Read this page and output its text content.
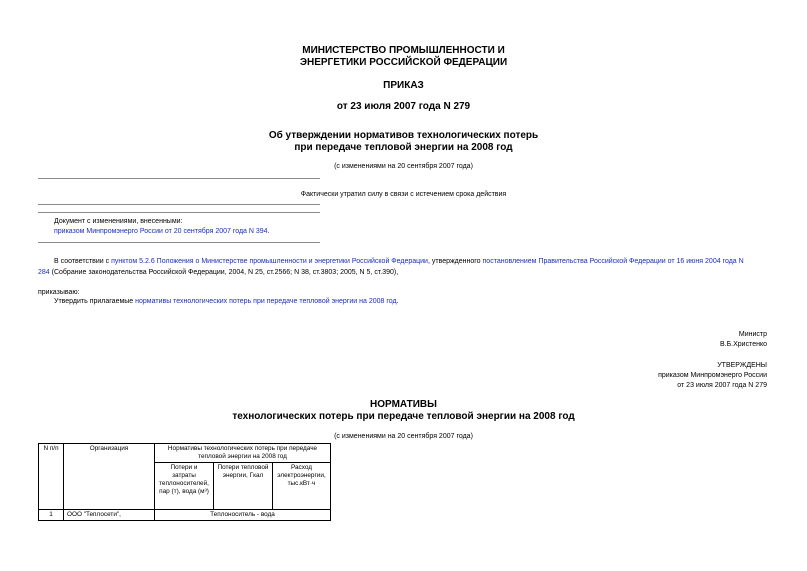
МИНИСТЕРСТВО ПРОМЫШЛЕННОСТИ И
ЭНЕРГЕТИКИ РОССИЙСКОЙ ФЕДЕРАЦИИ
ПРИКАЗ
от 23 июля 2007 года N 279
Об утверждении нормативов технологических потерь
при передаче тепловой энергии на 2008 год
(с изменениями на 20 сентября 2007 года)
Фактически утратил силу в связи с истечением срока действия
Документ с изменениями, внесенными:
приказом Минпромэнерго России от 20 сентября 2007 года N 394.
В соответствии с пунктом 5.2.6 Положения о Министерстве промышленности и энергетики Российской Федерации, утвержденного постановлением Правительства Российской Федерации от 16 июня 2004 года N
284 (Собрание законодательства Российской Федерации, 2004, N 25, ст.2566; N 38, ст.3803; 2005, N 5, ст.390),
приказываю:
Утвердить прилагаемые нормативы технологических потерь при передаче тепловой энергии на 2008 год.
Министр
В.Б.Христенко
УТВЕРЖДЕНЫ
приказом Минпромэнерго России
от 23 июля 2007 года N 279
НОРМАТИВЫ
технологических потерь при передаче тепловой энергии на 2008 год
(с изменениями на 20 сентября 2007 года)
N п/п	Организация	Нормативы технологических потерь при передаче тепловой энергии на 2008 год		
		Потери и затраты теплоносителей, пар (т), вода (м³)	Потери тепловой энергии, Гкал	Расход электроэнергии, тыс.кВт·ч
1	ООО "Теплосети",	Теплоноситель - вода		
